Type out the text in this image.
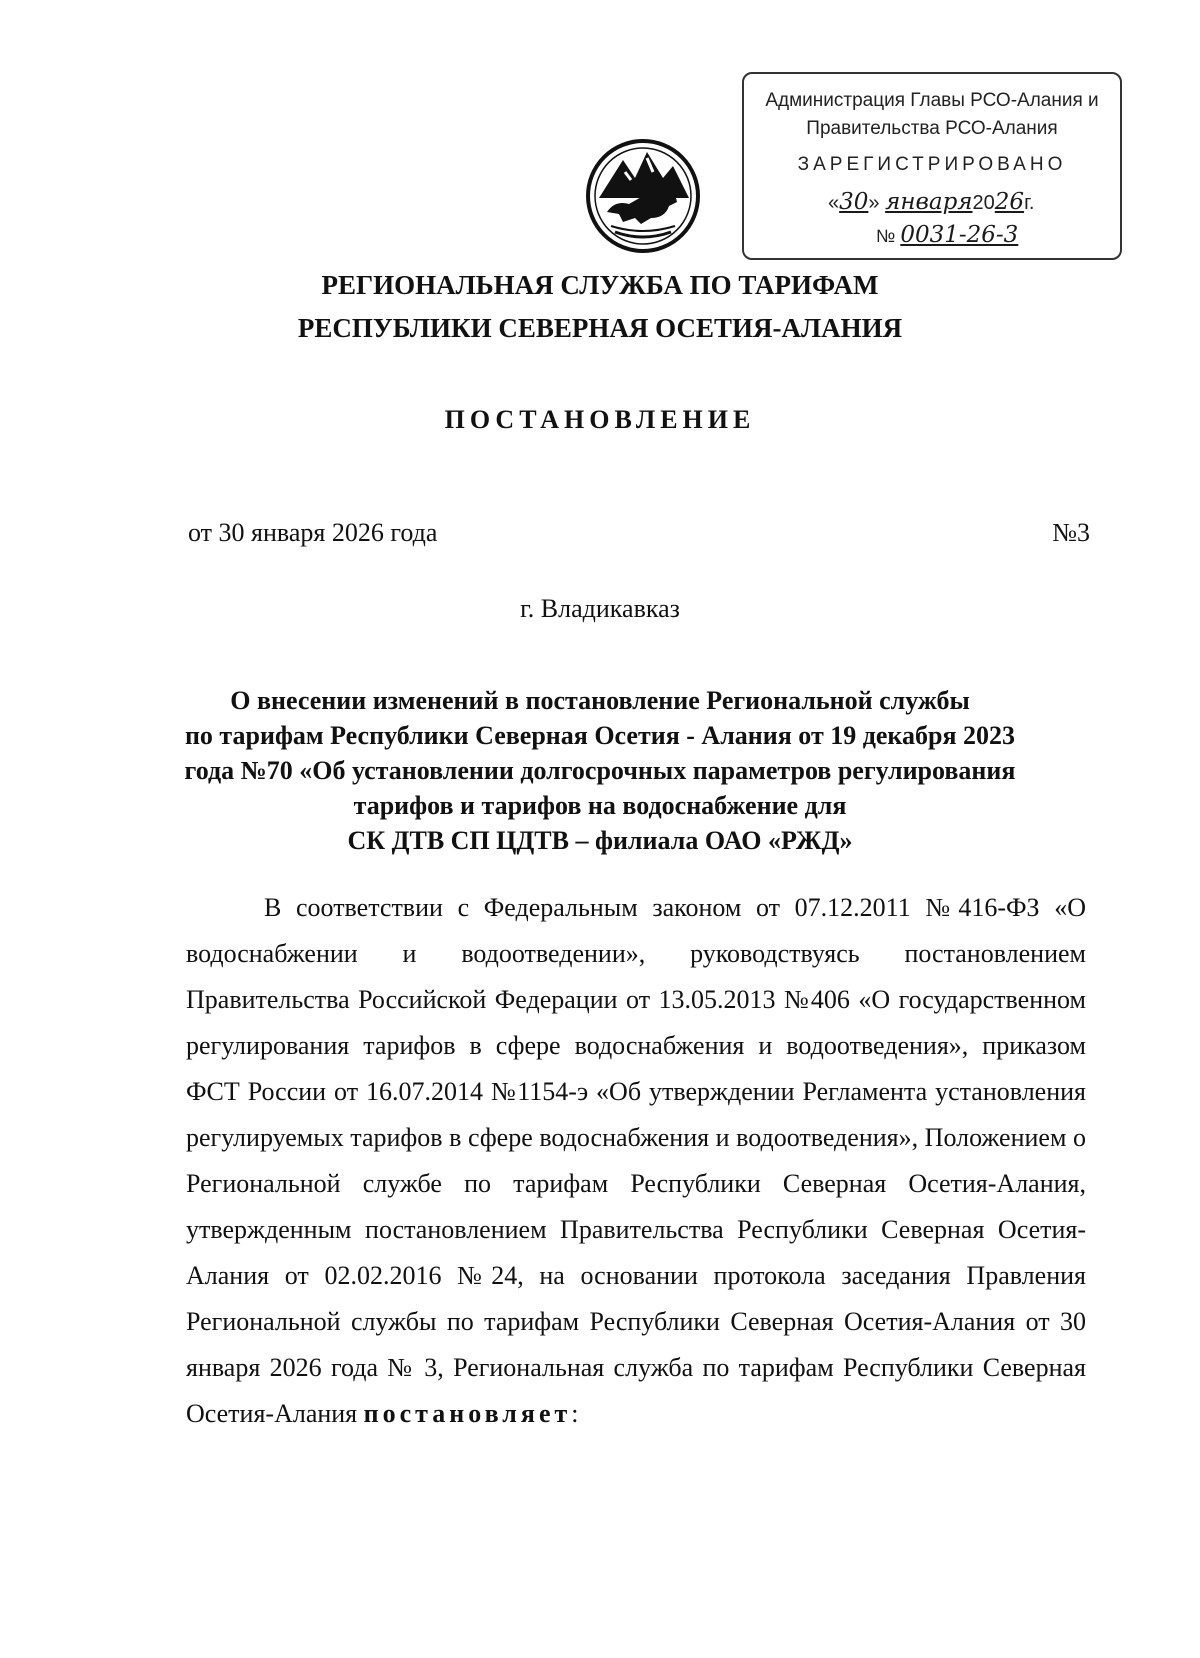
Администрация Главы РСО-Алания и
Правительства РСО-Алания
ЗАРЕГИСТРИРОВАНО
«30» января2026г.
№ 0031-26-3
РЕГИОНАЛЬНАЯ СЛУЖБА ПО ТАРИФАМ
РЕСПУБЛИКИ СЕВЕРНАЯ ОСЕТИЯ-АЛАНИЯ
ПОСТАНОВЛЕНИЕ
от 30 января 2026 года	№3
г. Владикавказ
О внесении изменений в постановление Региональной службы
по тарифам Республики Северная Осетия - Алания от 19 декабря 2023
года №70 «Об установлении долгосрочных параметров регулирования
тарифов и тарифов на водоснабжение для
СК ДТВ СП ЦДТВ – филиала ОАО «РЖД»

В соответствии с Федеральным законом от 07.12.2011 №416-ФЗ «О водоснабжении и водоотведении», руководствуясь постановлением Правительства Российской Федерации от 13.05.2013 №406 «О государственном регулирования тарифов в сфере водоснабжения и водоотведения», приказом ФСТ России от 16.07.2014 №1154-э «Об утверждении Регламента установления регулируемых тарифов в сфере водоснабжения и водоотведения», Положением о Региональной службе по тарифам Республики Северная Осетия-Алания, утвержденным постановлением Правительства Республики Северная Осетия-Алания от 02.02.2016 №24, на основании протокола заседания Правления Региональной службы по тарифам Республики Северная Осетия-Алания от 30 января 2026 года № 3, Региональная служба по тарифам Республики Северная Осетия-Алания постановляет:
